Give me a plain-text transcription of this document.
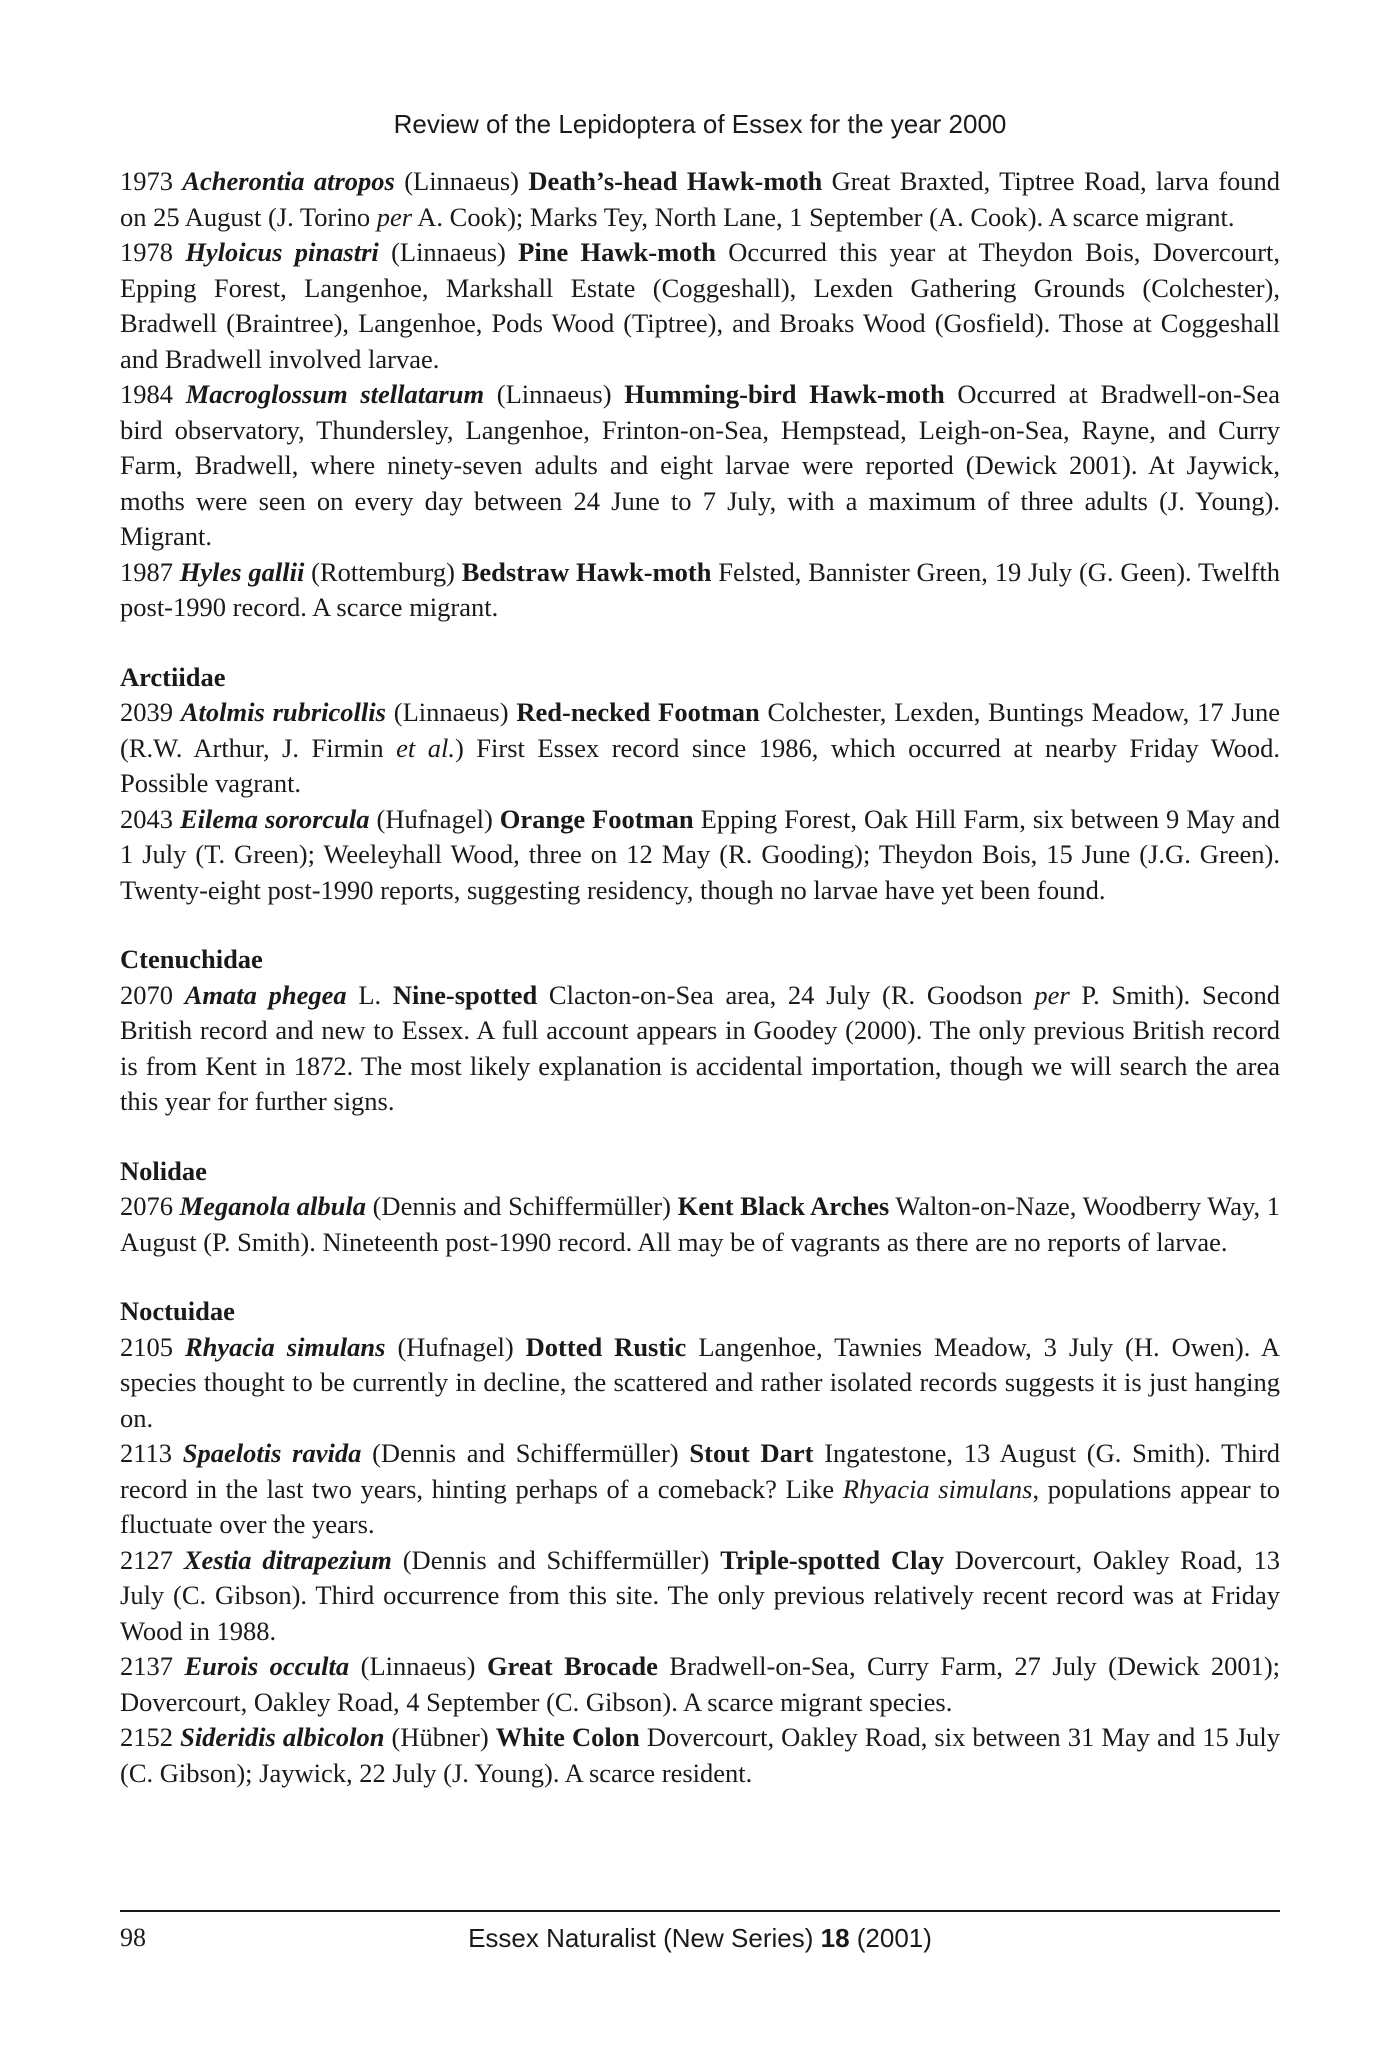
Review of the Lepidoptera of Essex for the year 2000

1973 Acherontia atropos (Linnaeus) Death’s-head Hawk-moth Great Braxted, Tiptree Road, larva found on 25 August (J. Torino per A. Cook); Marks Tey, North Lane, 1 September (A. Cook). A scarce migrant.

1978 Hyloicus pinastri (Linnaeus) Pine Hawk-moth Occurred this year at Theydon Bois, Dovercourt, Epping Forest, Langenhoe, Markshall Estate (Coggeshall), Lexden Gathering Grounds (Colchester), Bradwell (Braintree), Langenhoe, Pods Wood (Tiptree), and Broaks Wood (Gosfield). Those at Coggeshall and Bradwell involved larvae.

1984 Macroglossum stellatarum (Linnaeus) Humming-bird Hawk-moth Occurred at Bradwell-on-Sea bird observatory, Thundersley, Langenhoe, Frinton-on-Sea, Hempstead, Leigh-on-Sea, Rayne, and Curry Farm, Bradwell, where ninety-seven adults and eight larvae were reported (Dewick 2001). At Jaywick, moths were seen on every day between 24 June to 7 July, with a maximum of three adults (J. Young). Migrant.

1987 Hyles gallii (Rottemburg) Bedstraw Hawk-moth Felsted, Bannister Green, 19 July (G. Geen). Twelfth post-1990 record. A scarce migrant.

Arctiidae

2039 Atolmis rubricollis (Linnaeus) Red-necked Footman Colchester, Lexden, Buntings Meadow, 17 June (R.W. Arthur, J. Firmin et al.) First Essex record since 1986, which occurred at nearby Friday Wood. Possible vagrant.

2043 Eilema sororcula (Hufnagel) Orange Footman Epping Forest, Oak Hill Farm, six between 9 May and 1 July (T. Green); Weeleyhall Wood, three on 12 May (R. Gooding); Theydon Bois, 15 June (J.G. Green). Twenty-eight post-1990 reports, suggesting residency, though no larvae have yet been found.

Ctenuchidae

2070 Amata phegea L. Nine-spotted Clacton-on-Sea area, 24 July (R. Goodson per P. Smith). Second British record and new to Essex. A full account appears in Goodey (2000). The only previous British record is from Kent in 1872. The most likely explanation is accidental importation, though we will search the area this year for further signs.

Nolidae

2076 Meganola albula (Dennis and Schiffermüller) Kent Black Arches Walton-on-Naze, Woodberry Way, 1 August (P. Smith). Nineteenth post-1990 record. All may be of vagrants as there are no reports of larvae.

Noctuidae

2105 Rhyacia simulans (Hufnagel) Dotted Rustic Langenhoe, Tawnies Meadow, 3 July (H. Owen). A species thought to be currently in decline, the scattered and rather isolated records suggests it is just hanging on.

2113 Spaelotis ravida (Dennis and Schiffermüller) Stout Dart Ingatestone, 13 August (G. Smith). Third record in the last two years, hinting perhaps of a comeback? Like Rhyacia simulans, populations appear to fluctuate over the years.

2127 Xestia ditrapezium (Dennis and Schiffermüller) Triple-spotted Clay Dovercourt, Oakley Road, 13 July (C. Gibson). Third occurrence from this site. The only previous relatively recent record was at Friday Wood in 1988.

2137 Eurois occulta (Linnaeus) Great Brocade Bradwell-on-Sea, Curry Farm, 27 July (Dewick 2001); Dovercourt, Oakley Road, 4 September (C. Gibson). A scarce migrant species.

2152 Sideridis albicolon (Hübner) White Colon Dovercourt, Oakley Road, six between 31 May and 15 July (C. Gibson); Jaywick, 22 July (J. Young). A scarce resident.

98	Essex Naturalist (New Series) 18 (2001)
